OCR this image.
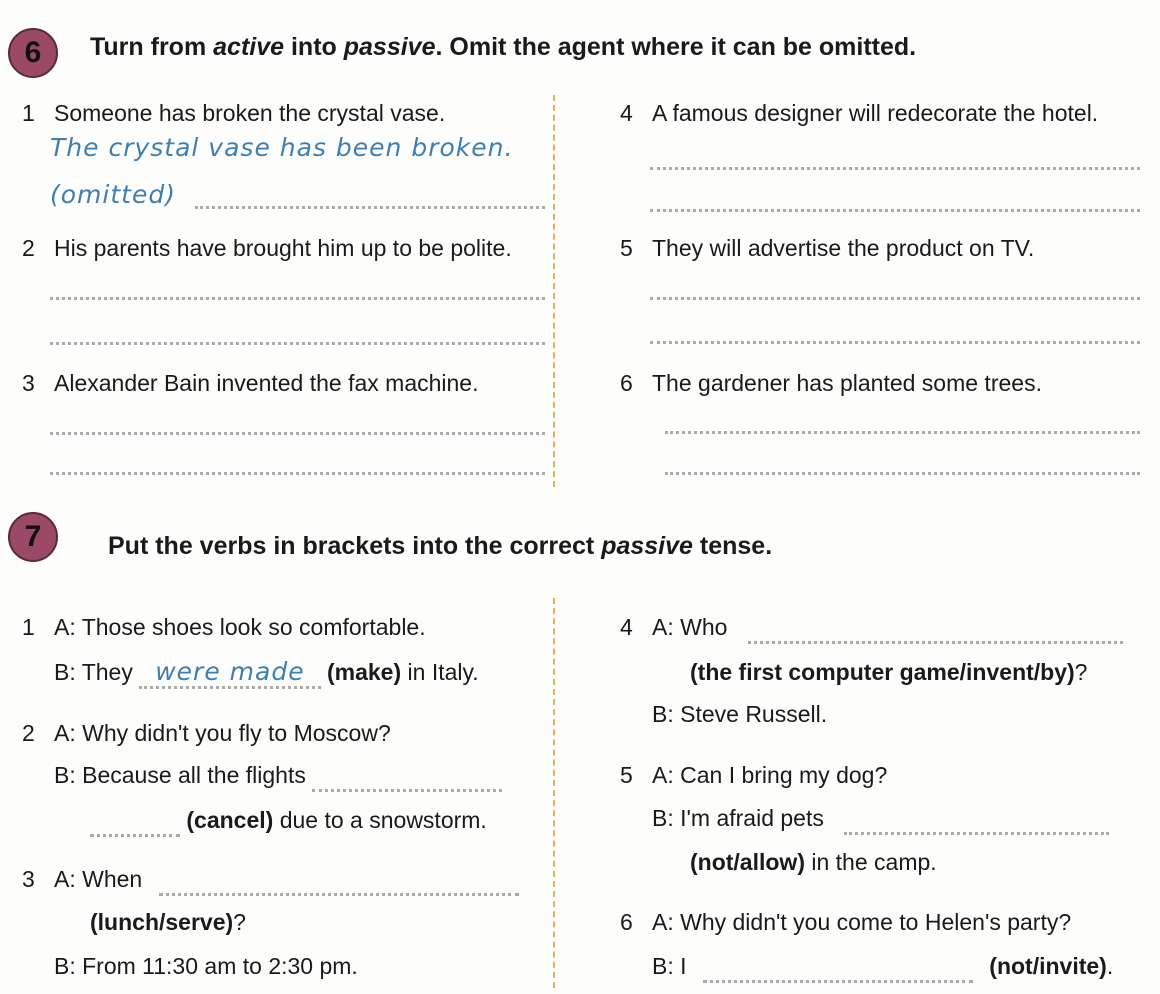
6 Turn from active into passive. Omit the agent where it can be omitted.
1 Someone has broken the crystal vase.
The crystal vase has been broken.
(omitted)
2 His parents have brought him up to be polite.
3 Alexander Bain invented the fax machine.
4 A famous designer will redecorate the hotel.
5 They will advertise the product on TV.
6 The gardener has planted some trees.
7	Put the verbs in brackets into the correct passive tense.
1 A: Those shoes look so comfortable.
B: They were made (make) in Italy.
2 A: Why didn't you fly to Moscow?
B: Because all the flights
(cancel) due to a snowstorm.
3 A: When
(lunch/serve)?
B: From 11:30 am to 2:30 pm.
4 A: Who
(the first computer game/invent/by)?
B: Steve Russell.
5 A: Can I bring my dog?
B: I'm afraid pets
(not/allow) in the camp.
6 A: Why didn't you come to Helen's party?
B: I	(not/invite).
